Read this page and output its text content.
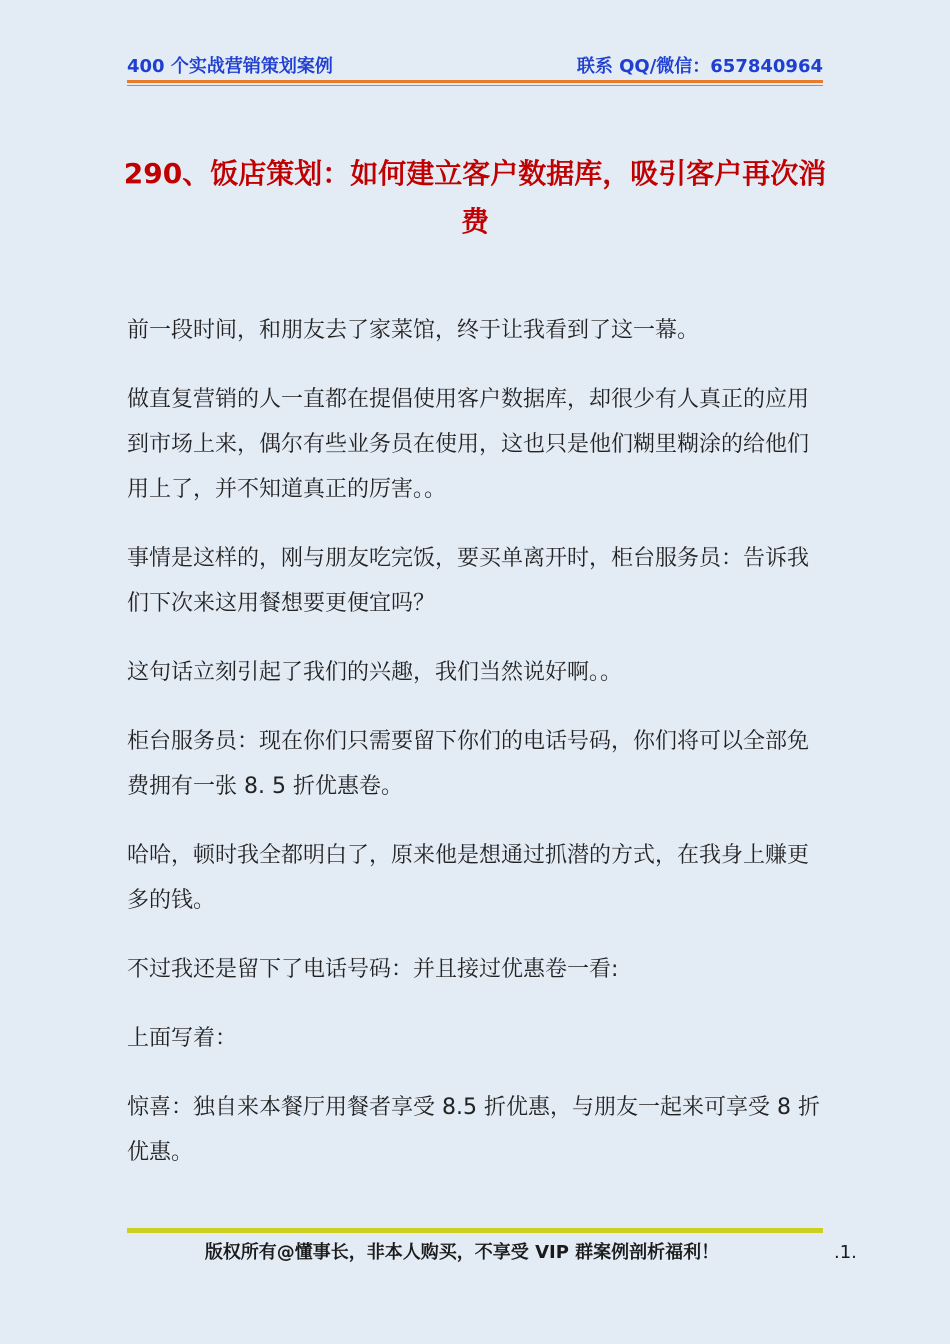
400 个实战营销策划案例	联系 QQ/微信：657840964
290、饭店策划：如何建立客户数据库，吸引客户再次消费

前一段时间，和朋友去了家菜馆，终于让我看到了这一幕。

做直复营销的人一直都在提倡使用客户数据库，却很少有人真正的应用到市场上来，偶尔有些业务员在使用，这也只是他们糊里糊涂的给他们用上了，并不知道真正的厉害。。

事情是这样的，刚与朋友吃完饭，要买单离开时，柜台服务员：告诉我们下次来这用餐想要更便宜吗？

这句话立刻引起了我们的兴趣，我们当然说好啊。。

柜台服务员：现在你们只需要留下你们的电话号码，你们将可以全部免费拥有一张 8. 5 折优惠卷。

哈哈，顿时我全都明白了，原来他是想通过抓潜的方式，在我身上赚更多的钱。

不过我还是留下了电话号码：并且接过优惠卷一看:

上面写着：

惊喜：独自来本餐厅用餐者享受 8.5 折优惠，与朋友一起来可享受 8 折优惠。

版权所有@懂事长，非本人购买，不享受 VIP 群案例剖析福利！	.1.
